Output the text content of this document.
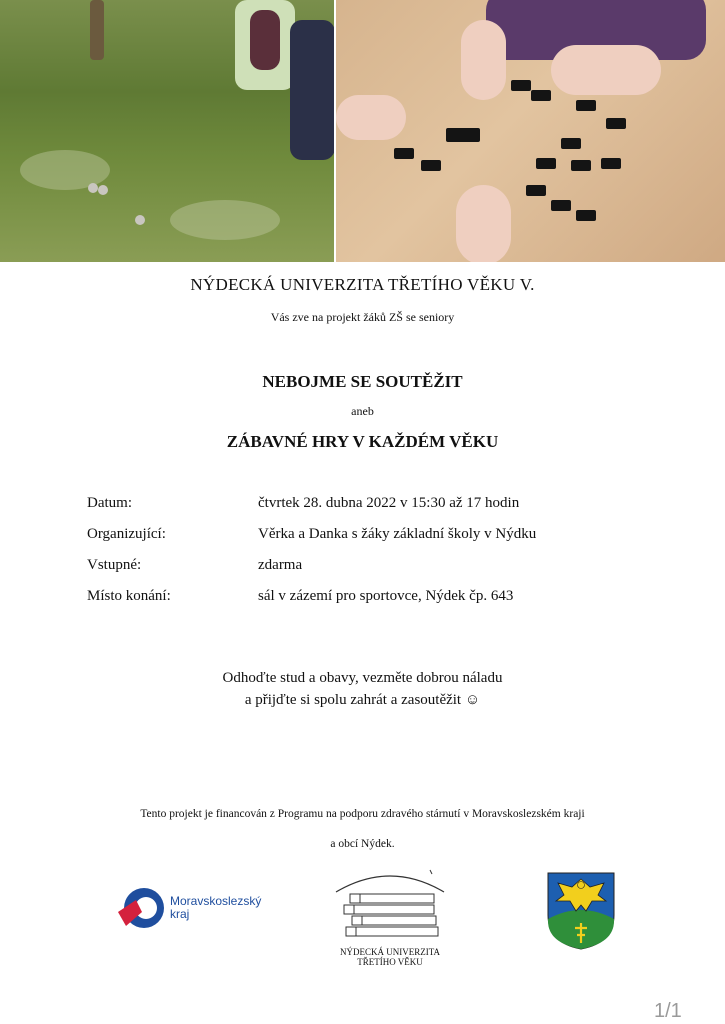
NÝDECKÁ UNIVERZITA TŘETÍHO VĚKU V.
Vás zve na projekt žáků ZŠ se seniory
NEBOJME SE SOUTĚŽIT
aneb
ZÁBAVNÉ HRY V KAŽDÉM VĚKU
Datum:	čtvrtek 28. dubna 2022 v 15:30 až 17 hodin
Organizující:	Věrka a Danka s žáky základní školy v Nýdku
Vstupné:	zdarma
Místo konání:	sál v zázemí pro sportovce, Nýdek čp. 643
Odhoďte stud a obavy, vezměte dobrou náladu
a přijďte si spolu zahrát a zasoutěžit ☺
Tento projekt je financován z Programu na podporu zdravého stárnutí v Moravskoslezském kraji
a obcí Nýdek.
Moravskoslezský
kraj
NÝDECKÁ UNIVERZITA
TŘETÍHO VĚKU
1/1
